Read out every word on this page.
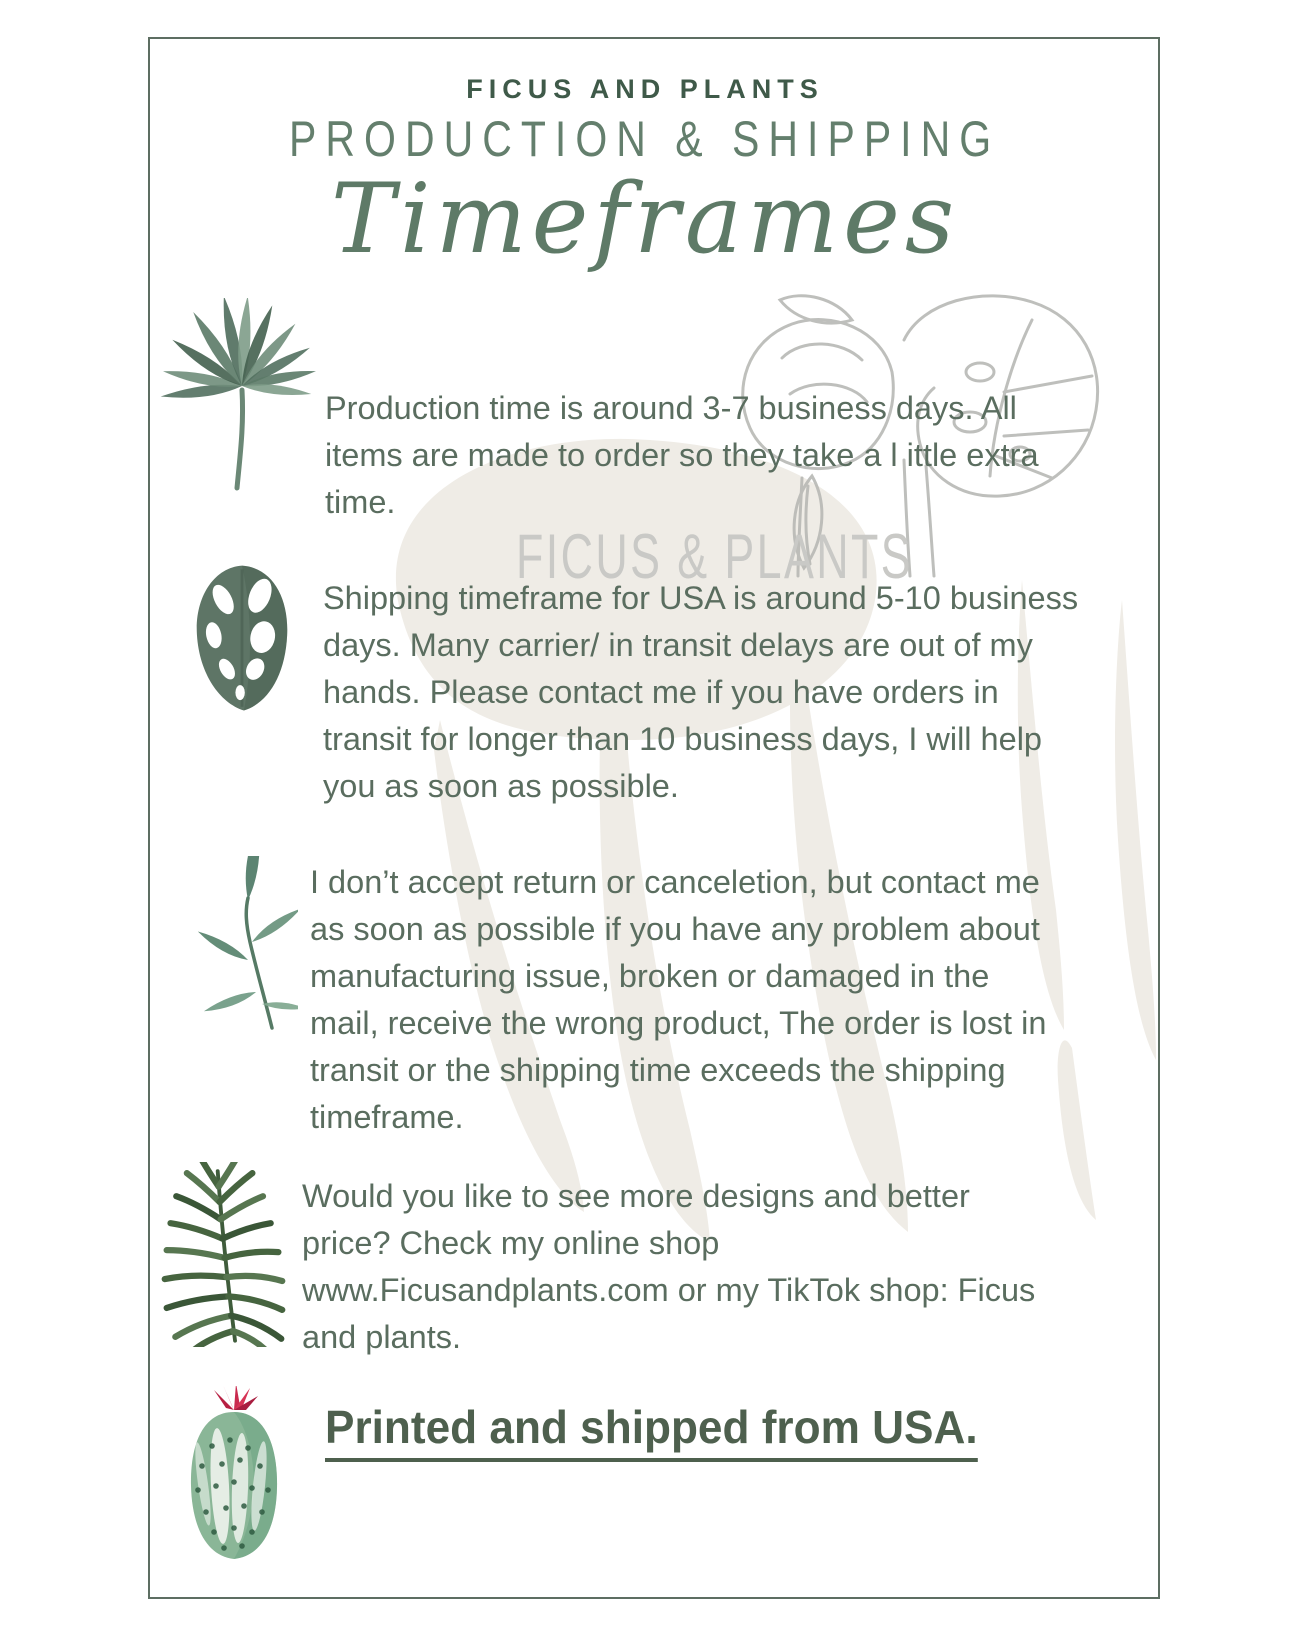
FICUS & PLANTS
FICUS AND PLANTS
PRODUCTION & SHIPPING
Timeframes

Production time is around 3-7 business days. All items are made to order so they take a l ittle extra time.

Shipping timeframe for USA is around 5-10 business days. Many carrier/ in transit delays are out of my hands. Please contact me if you have orders in transit for longer than 10 business days, I will help you as soon as possible.

I don’t accept return or canceletion, but contact me as soon as possible if you have any problem about manufacturing issue, broken or damaged in the mail, receive the wrong product, The order is lost in transit or the shipping time exceeds the shipping timeframe.

Would you like to see more designs and better price? Check my online shop www.Ficusandplants.com or my TikTok shop: Ficus and plants.

Printed and shipped from USA.
